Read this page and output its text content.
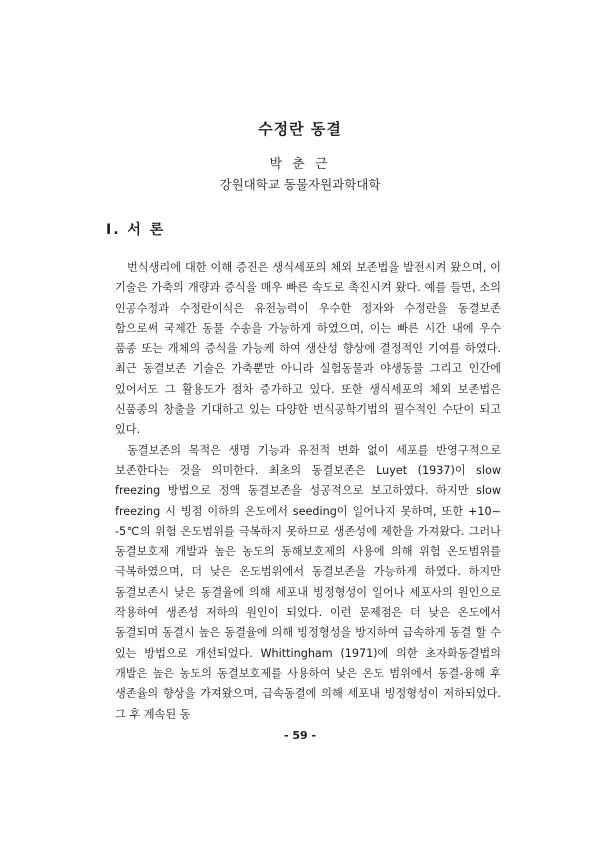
수정란 동결
박 춘 근
강원대학교 동물자원과학대학
Ⅰ. 서 론

번식생리에 대한 이해 증진은 생식세포의 체외 보존법을 발전시켜 왔으며, 이 기술은 가축의 개량과 증식을 매우 빠른 속도로 촉진시켜 왔다. 예를 들면, 소의 인공수정과 수정란이식은 유전능력이 우수한 정자와 수정란을 동결보존 함으로써 국제간 동물 수송을 가능하게 하였으며, 이는 빠른 시간 내에 우수 품종 또는 개체의 증식을 가능케 하여 생산성 향상에 결정적인 기여를 하였다. 최근 동결보존 기술은 가축뿐만 아니라 실험동물과 야생동물 그리고 인간에 있어서도 그 활용도가 점차 증가하고 있다. 또한 생식세포의 체외 보존법은 신품종의 창출을 기대하고 있는 다양한 번식공학기법의 필수적인 수단이 되고 있다.

동결보존의 목적은 생명 기능과 유전적 변화 없이 세포를 반영구적으로 보존한다는 것을 의미한다. 최초의 동결보존은 Luyet (1937)이 slow freezing 방법으로 정액 동결보존을 성공적으로 보고하였다. 하지만 slow freezing 시 빙점 이하의 온도에서 seeding이 일어나지 못하며, 또한 +10∼ -5℃의 위험 온도범위를 극복하지 못하므로 생존성에 제한을 가져왔다. 그러나 동결보호제 개발과 높은 농도의 동해보호제의 사용에 의해 위험 온도범위를 극복하였으며, 더 낮은 온도범위에서 동결보존을 가능하게 하였다. 하지만 동결보존시 낮은 동결율에 의해 세포내 빙정형성이 일어나 세포사의 원인으로 작용하여 생존성 저하의 원인이 되었다. 이런 문제점은 더 낮은 온도에서 동결되며 동결시 높은 동결율에 의해 빙정형성을 방지하여 급속하게 동결 할 수 있는 방법으로 개선되었다. Whittingham (1971)에 의한 초자화동결법의 개발은 높은 농도의 동결보호제를 사용하여 낮은 온도 범위에서 동결-융해 후 생존율의 향상을 가져왔으며, 급속동결에 의해 세포내 빙정형성이 저하되었다. 그 후 계속된 동

- 59 -
